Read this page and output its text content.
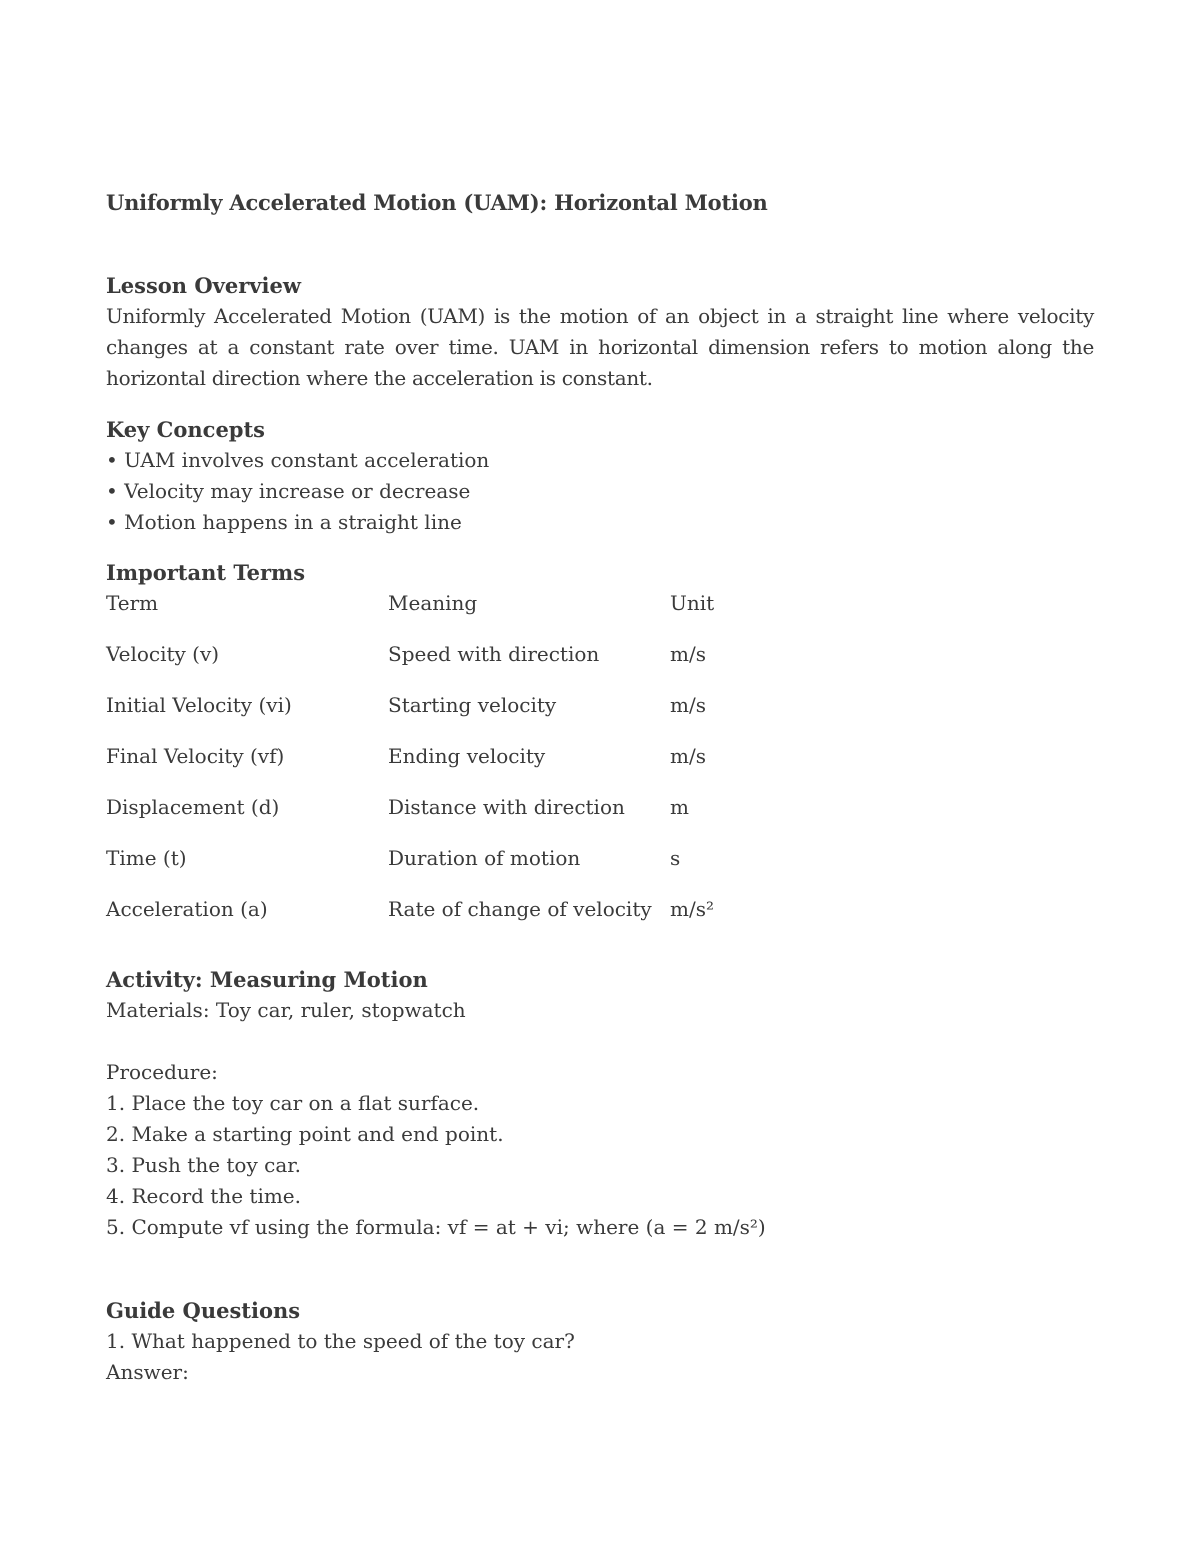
Uniformly Accelerated Motion (UAM): Horizontal Motion
Lesson Overview
Uniformly Accelerated Motion (UAM) is the motion of an object in a straight line where velocity changes at a constant rate over time. UAM in horizontal dimension refers to motion along the horizontal direction where the acceleration is constant.
Key Concepts
• UAM involves constant acceleration
• Velocity may increase or decrease
• Motion happens in a straight line
Important Terms
Term	Meaning	Unit
Velocity (v)	Speed with direction	m/s
Initial Velocity (vi)	Starting velocity	m/s
Final Velocity (vf)	Ending velocity	m/s
Displacement (d)	Distance with direction	m
Time (t)	Duration of motion	s
Acceleration (a)	Rate of change of velocity	m/s²
Activity: Measuring Motion
Materials: Toy car, ruler, stopwatch
Procedure:
1. Place the toy car on a flat surface.
2. Make a starting point and end point.
3. Push the toy car.
4. Record the time.
5. Compute vf using the formula: vf = at + vi; where (a = 2 m/s²)
Guide Questions
1. What happened to the speed of the toy car?
Answer:
